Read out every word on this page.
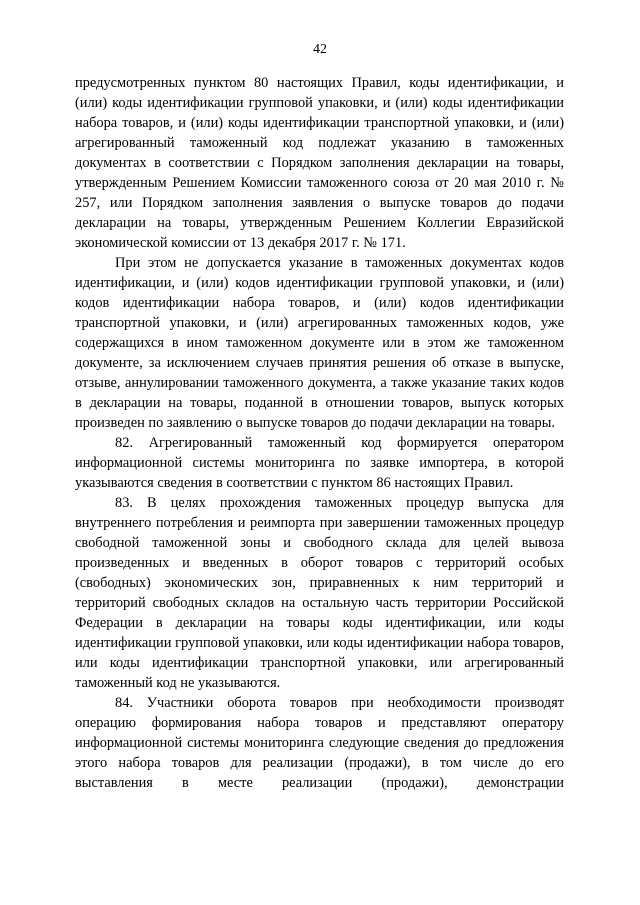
42

предусмотренных пунктом 80 настоящих Правил, коды идентификации, и (или) коды идентификации групповой упаковки, и (или) коды идентификации набора товаров, и (или) коды идентификации транспортной упаковки, и (или) агрегированный таможенный код подлежат указанию в таможенных документах в соответствии с Порядком заполнения декларации на товары, утвержденным Решением Комиссии таможенного союза от 20 мая 2010 г. № 257, или Порядком заполнения заявления о выпуске товаров до подачи декларации на товары, утвержденным Решением Коллегии Евразийской экономической комиссии от 13 декабря 2017 г. № 171.

При этом не допускается указание в таможенных документах кодов идентификации, и (или) кодов идентификации групповой упаковки, и (или) кодов идентификации набора товаров, и (или) кодов идентификации транспортной упаковки, и (или) агрегированных таможенных кодов, уже содержащихся в ином таможенном документе или в этом же таможенном документе, за исключением случаев принятия решения об отказе в выпуске, отзыве, аннулировании таможенного документа, а также указание таких кодов в декларации на товары, поданной в отношении товаров, выпуск которых произведен по заявлению о выпуске товаров до подачи декларации на товары.

82. Агрегированный таможенный код формируется оператором информационной системы мониторинга по заявке импортера, в которой указываются сведения в соответствии с пунктом 86 настоящих Правил.

83. В целях прохождения таможенных процедур выпуска для внутреннего потребления и реимпорта при завершении таможенных процедур свободной таможенной зоны и свободного склада для целей вывоза произведенных и введенных в оборот товаров с территорий особых (свободных) экономических зон, приравненных к ним территорий и территорий свободных складов на остальную часть территории Российской Федерации в декларации на товары коды идентификации, или коды идентификации групповой упаковки, или коды идентификации набора товаров, или коды идентификации транспортной упаковки, или агрегированный таможенный код не указываются.

84. Участники оборота товаров при необходимости производят операцию формирования набора товаров и представляют оператору информационной системы мониторинга следующие сведения до предложения этого набора товаров для реализации (продажи), в том числе до его выставления в месте реализации (продажи), демонстрации
